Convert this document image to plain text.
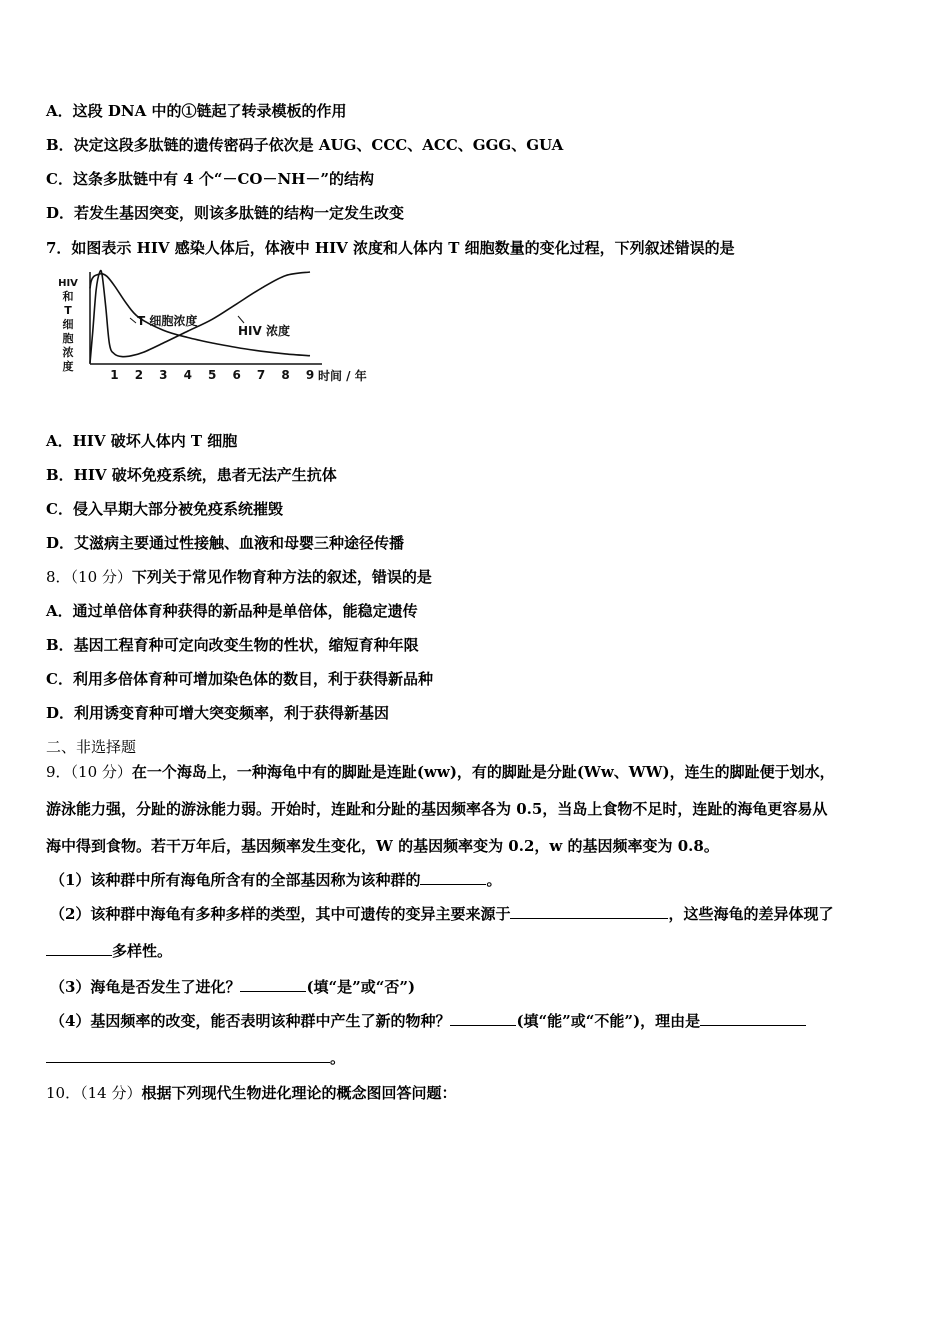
A．这段 DNA 中的①链起了转录模板的作用
B．决定这段多肽链的遗传密码子依次是 AUG、CCC、ACC、GGG、GUA
C．这条多肽链中有 4 个“－CO－NH－”的结构
D．若发生基因突变，则该多肽链的结构一定发生改变
7．如图表示 HIV 感染人体后，体液中 HIV 浓度和人体内 T 细胞数量的变化过程，下列叙述错误的是
HIV
和
T
细
胞
浓
度
1 2 3 4 5 6 7 8 9
T 细胞浓度
HIV 浓度
时间 / 年
A．HIV 破坏人体内 T 细胞
B．HIV 破坏免疫系统，患者无法产生抗体
C．侵入早期大部分被免疫系统摧毁
D．艾滋病主要通过性接触、血液和母婴三种途径传播
8．（10 分）下列关于常见作物育种方法的叙述，错误的是
A．通过单倍体育种获得的新品种是单倍体，能稳定遗传
B．基因工程育种可定向改变生物的性状，缩短育种年限
C．利用多倍体育种可增加染色体的数目，利于获得新品种
D．利用诱变育种可增大突变频率，利于获得新基因
二、非选择题
9．（10 分）在一个海岛上，一种海龟中有的脚趾是连趾(ww)，有的脚趾是分趾(Ww、WW)，连生的脚趾便于划水，
游泳能力强，分趾的游泳能力弱。开始时，连趾和分趾的基因频率各为 0.5，当岛上食物不足时，连趾的海龟更容易从
海中得到食物。若干万年后，基因频率发生变化，W 的基因频率变为 0.2，w 的基因频率变为 0.8。
（1）该种群中所有海龟所含有的全部基因称为该种群的	。
（2）该种群中海龟有多种多样的类型，其中可遗传的变异主要来源于	，这些海龟的差异体现了
多样性。
（3）海龟是否发生了进化？	(填“是”或“否”)
（4）基因频率的改变，能否表明该种群中产生了新的物种？	(填“能”或“不能”)，理由是
。
10．（14 分）根据下列现代生物进化理论的概念图回答问题：
